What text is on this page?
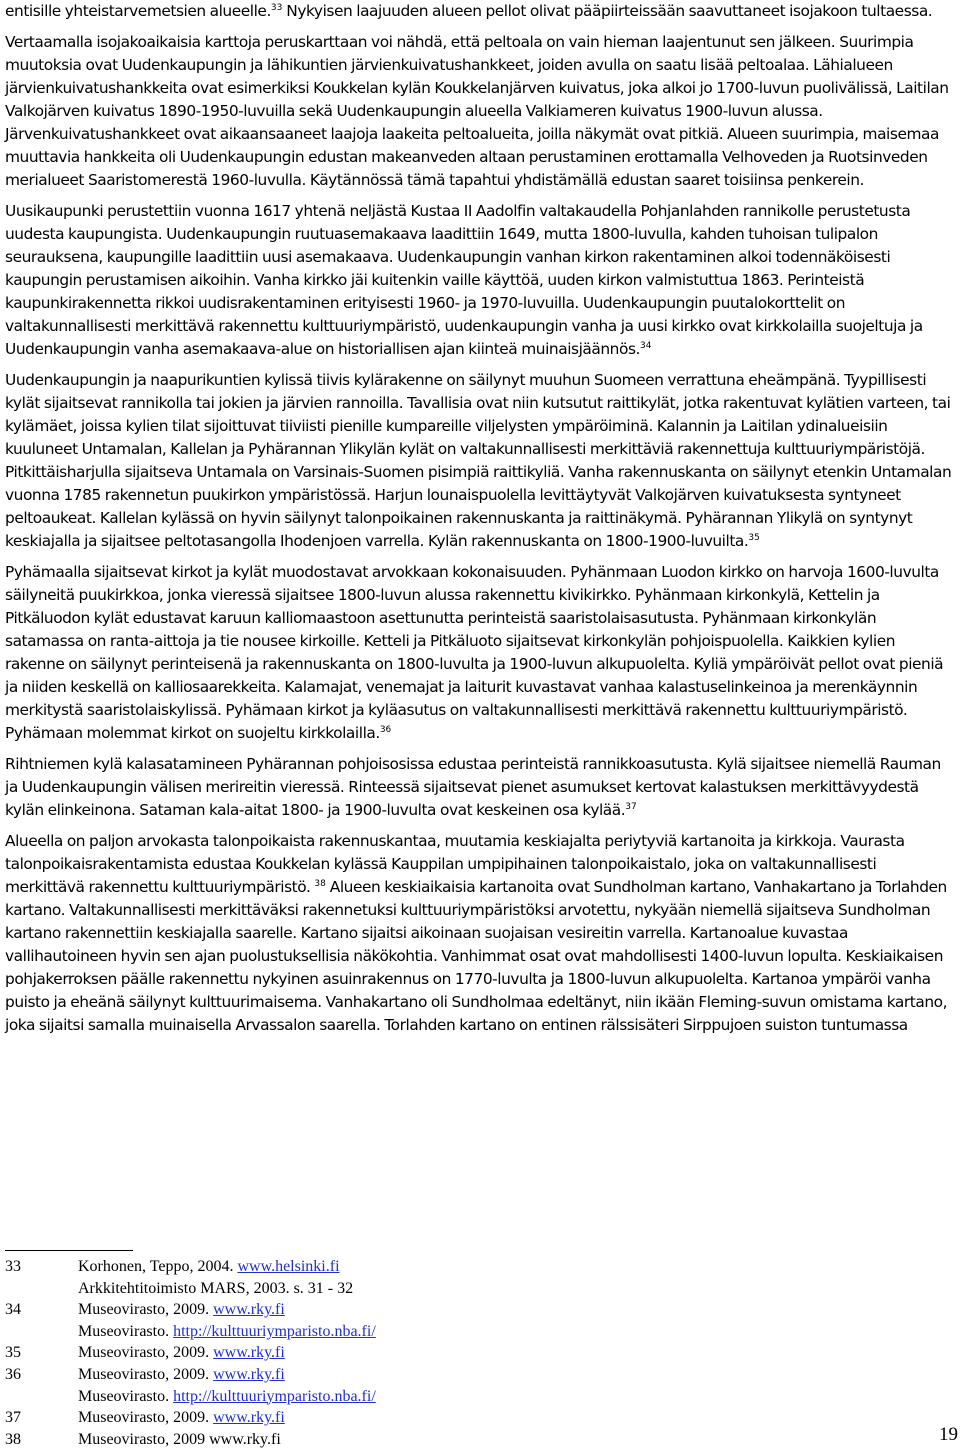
entisille yhteistarvemetsien alueelle.$^{33}$ Nykyisen laajuuden alueen pellot olivat pääpiirteissään saavuttaneet isojakoon tultaessa.

Vertaamalla isojakoaikaisia karttoja peruskarttaan voi nähdä, että peltoala on vain hieman laajentunut sen jälkeen. Suurimpia muutoksia ovat Uudenkaupungin ja lähikuntien järvienkuivatushankkeet, joiden avulla on saatu lisää peltoalaa. Lähialueen järvienkuivatushankkeita ovat esimerkiksi Koukkelan kylän Koukkelanjärven kuivatus, joka alkoi jo 1700-luvun puolivälissä, Laitilan Valkojärven kuivatus 1890-1950-luvuilla sekä Uudenkaupungin alueella Valkiameren kuivatus 1900-luvun alussa. Järvenkuivatushankkeet ovat aikaansaaneet laajoja laakeita peltoalueita, joilla näkymät ovat pitkiä. Alueen suurimpia, maisemaa muuttavia hankkeita oli Uudenkaupungin edustan makeanveden altaan perustaminen erottamalla Velhoveden ja Ruotsinveden merialueet Saaristomerestä 1960-luvulla. Käytännössä tämä tapahtui yhdistämällä edustan saaret toisiinsa penkerein.

Uusikaupunki perustettiin vuonna 1617 yhtenä neljästä Kustaa II Aadolfin valtakaudella Pohjanlahden rannikolle perustetusta uudesta kaupungista. Uudenkaupungin ruutuasemakaava laadittiin 1649, mutta 1800-luvulla, kahden tuhoisan tulipalon seurauksena, kaupungille laadittiin uusi asemakaava. Uudenkaupungin vanhan kirkon rakentaminen alkoi todennäköisesti kaupungin perustamisen aikoihin. Vanha kirkko jäi kuitenkin vaille käyttöä, uuden kirkon valmistuttua 1863. Perinteistä kaupunkirakennetta rikkoi uudisrakentaminen erityisesti 1960- ja 1970-luvuilla. Uudenkaupungin puutalokorttelit on valtakunnallisesti merkittävä rakennettu kulttuuriympäristö, uudenkaupungin vanha ja uusi kirkko ovat kirkkolailla suojeltuja ja Uudenkaupungin vanha asemakaava-alue on historiallisen ajan kiinteä muinaisjäännös.$^{34}$

Uudenkaupungin ja naapurikuntien kylissä tiivis kylärakenne on säilynyt muuhun Suomeen verrattuna eheämpänä. Tyypillisesti kylät sijaitsevat rannikolla tai jokien ja järvien rannoilla. Tavallisia ovat niin kutsutut raittikylät, jotka rakentuvat kylätien varteen, tai kylämäet, joissa kylien tilat sijoittuvat tiiviisti pienille kumpareille viljelysten ympäröiminä. Kalannin ja Laitilan ydinalueisiin kuuluneet Untamalan, Kallelan ja Pyhärannan Ylikylän kylät on valtakunnallisesti merkittäviä rakennettuja kulttuuriympäristöjä. Pitkittäisharjulla sijaitseva Untamala on Varsinais-Suomen pisimpiä raittikyliä. Vanha rakennuskanta on säilynyt etenkin Untamalan vuonna 1785 rakennetun puukirkon ympäristössä. Harjun lounaispuolella levittäytyvät Valkojärven kuivatuksesta syntyneet peltoaukeat. Kallelan kylässä on hyvin säilynyt talonpoikainen rakennuskanta ja raittinäkymä. Pyhärannan Ylikylä on syntynyt keskiajalla ja sijaitsee peltotasangolla Ihodenjoen varrella. Kylän rakennuskanta on 1800-1900-luvuilta.$^{35}$

Pyhämaalla sijaitsevat kirkot ja kylät muodostavat arvokkaan kokonaisuuden. Pyhänmaan Luodon kirkko on harvoja 1600-luvulta säilyneitä puukirkkoa, jonka vieressä sijaitsee 1800-luvun alussa rakennettu kivikirkko. Pyhänmaan kirkonkylä, Kettelin ja Pitkäluodon kylät edustavat karuun kalliomaastoon asettunutta perinteistä saaristolaisasutusta. Pyhänmaan kirkonkylän satamassa on ranta-aittoja ja tie nousee kirkoille. Ketteli ja Pitkäluoto sijaitsevat kirkonkylän pohjoispuolella. Kaikkien kylien rakenne on säilynyt perinteisenä ja rakennuskanta on 1800-luvulta ja 1900-luvun alkupuolelta. Kyliä ympäröivät pellot ovat pieniä ja niiden keskellä on kalliosaarekkeita. Kalamajat, venemajat ja laiturit kuvastavat vanhaa kalastuselinkeinoa ja merenkäynnin merkitystä saaristolaiskylissä. Pyhämaan kirkot ja kyläasutus on valtakunnallisesti merkittävä rakennettu kulttuuriympäristö. Pyhämaan molemmat kirkot on suojeltu kirkkolailla.$^{36}$

Rihtniemen kylä kalasatamineen Pyhärannan pohjoisosissa edustaa perinteistä rannikkoasutusta. Kylä sijaitsee niemellä Rauman ja Uudenkaupungin välisen merireitin vieressä. Rinteessä sijaitsevat pienet asumukset kertovat kalastuksen merkittävyydestä kylän elinkeinona. Sataman kala-aitat 1800- ja 1900-luvulta ovat keskeinen osa kylää.$^{37}$

Alueella on paljon arvokasta talonpoikaista rakennuskantaa, muutamia keskiajalta periytyviä kartanoita ja kirkkoja. Vaurasta talonpoikaisrakentamista edustaa Koukkelan kylässä Kauppilan umpipihainen talonpoikaistalo, joka on valtakunnallisesti merkittävä rakennettu kulttuuriympäristö. $^{38}$ Alueen keskiaikaisia kartanoita ovat Sundholman kartano, Vanhakartano ja Torlahden kartano. Valtakunnallisesti merkittäväksi rakennetuksi kulttuuriympäristöksi arvotettu, nykyään niemellä sijaitseva Sundholman kartano rakennettiin keskiajalla saarelle. Kartano sijaitsi aikoinaan suojaisan vesireitin varrella. Kartanoalue kuvastaa vallihautoineen hyvin sen ajan puolustuksellisia näkökohtia. Vanhimmat osat ovat mahdollisesti 1400-luvun lopulta. Keskiaikaisen pohjakerroksen päälle rakennettu nykyinen asuinrakennus on 1770-luvulta ja 1800-luvun alkupuolelta. Kartanoa ympäröi vanha puisto ja eheänä säilynyt kulttuurimaisema. Vanhakartano oli Sundholmaa edeltänyt, niin ikään Fleming-suvun omistama kartano, joka sijaitsi samalla muinaisella Arvassalon saarella. Torlahden kartano on entinen rälssisäteri Sirppujoen suiston tuntumassa

33	Korhonen, Teppo, 2004. www.helsinki.fi
Arkkitehtitoimisto MARS, 2003. s. 31 - 32
34	Museovirasto, 2009. www.rky.fi
Museovirasto. http://kulttuuriymparisto.nba.fi/
35	Museovirasto, 2009. www.rky.fi
36	Museovirasto, 2009. www.rky.fi
Museovirasto. http://kulttuuriymparisto.nba.fi/
37	Museovirasto, 2009. www.rky.fi
38	Museovirasto, 2009 www.rky.fi	19
